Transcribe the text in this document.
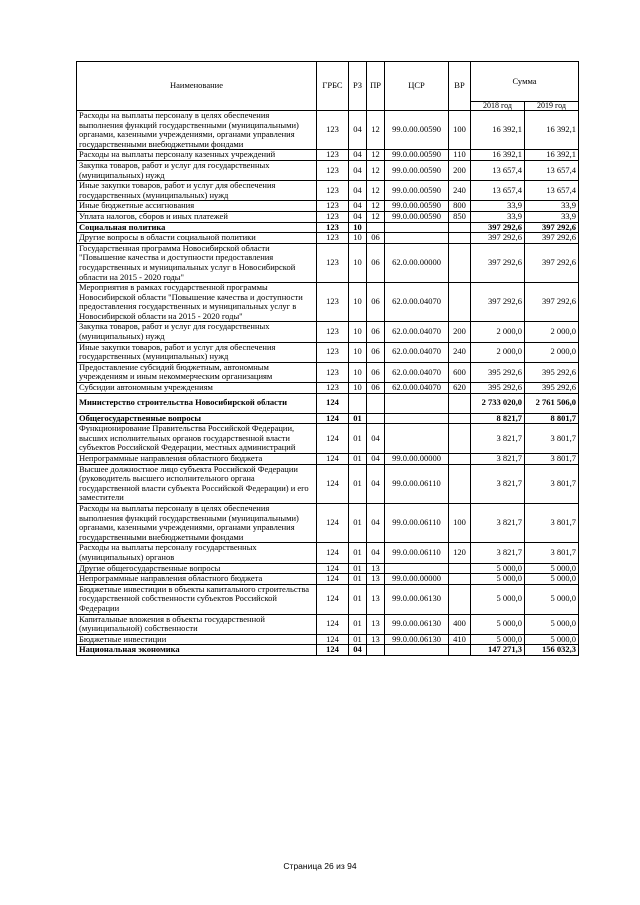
Наименование	ГРБС	РЗ	ПР	ЦСР	ВР	Сумма	
						2018 год	2019 год
Расходы на выплаты персоналу в целях обеспечения выполнения функций государственными (муниципальными) органами, казенными учреждениями, органами управления государственными внебюджетными фондами	123	04	12	99.0.00.00590	100	16 392,1	16 392,1
Расходы на выплаты персоналу казенных учреждений	123	04	12	99.0.00.00590	110	16 392,1	16 392,1
Закупка товаров, работ и услуг для государственных (муниципальных) нужд	123	04	12	99.0.00.00590	200	13 657,4	13 657,4
Иные закупки товаров, работ и услуг для обеспечения государственных (муниципальных) нужд	123	04	12	99.0.00.00590	240	13 657,4	13 657,4
Иные бюджетные ассигнования	123	04	12	99.0.00.00590	800	33,9	33,9
Уплата налогов, сборов и иных платежей	123	04	12	99.0.00.00590	850	33,9	33,9
Социальная политика	123	10				397 292,6	397 292,6
Другие вопросы в области социальной политики	123	10	06			397 292,6	397 292,6
Государственная программа Новосибирской области "Повышение качества и доступности предоставления государственных и муниципальных услуг в Новосибирской области на 2015 - 2020 годы"	123	10	06	62.0.00.00000		397 292,6	397 292,6
Мероприятия в рамках государственной программы Новосибирской области "Повышение качества и доступности предоставления государственных и муниципальных услуг в Новосибирской области на 2015 - 2020 годы"	123	10	06	62.0.00.04070		397 292,6	397 292,6
Закупка товаров, работ и услуг для государственных (муниципальных) нужд	123	10	06	62.0.00.04070	200	2 000,0	2 000,0
Иные закупки товаров, работ и услуг для обеспечения государственных (муниципальных) нужд	123	10	06	62.0.00.04070	240	2 000,0	2 000,0
Предоставление субсидий бюджетным, автономным учреждениям и иным некоммерческим организациям	123	10	06	62.0.00.04070	600	395 292,6	395 292,6
Субсидии автономным учреждениям	123	10	06	62.0.00.04070	620	395 292,6	395 292,6
Министерство строительства Новосибирской области	124					2 733 020,0	2 761 506,0
Общегосударственные вопросы	124	01				8 821,7	8 801,7
Функционирование Правительства Российской Федерации, высших исполнительных органов государственной власти субъектов Российской Федерации, местных администраций	124	01	04			3 821,7	3 801,7
Непрограммные направления областного бюджета	124	01	04	99.0.00.00000		3 821,7	3 801,7
Высшее должностное лицо субъекта Российской Федерации (руководитель высшего исполнительного органа государственной власти субъекта Российской Федерации) и его заместители	124	01	04	99.0.00.06110		3 821,7	3 801,7
Расходы на выплаты персоналу в целях обеспечения выполнения функций государственными (муниципальными) органами, казенными учреждениями, органами управления государственными внебюджетными фондами	124	01	04	99.0.00.06110	100	3 821,7	3 801,7
Расходы на выплаты персоналу государственных (муниципальных) органов	124	01	04	99.0.00.06110	120	3 821,7	3 801,7
Другие общегосударственные вопросы	124	01	13			5 000,0	5 000,0
Непрограммные направления областного бюджета	124	01	13	99.0.00.00000		5 000,0	5 000,0
Бюджетные инвестиции в объекты капитального строительства государственной собственности субъектов Российской Федерации	124	01	13	99.0.00.06130		5 000,0	5 000,0
Капитальные вложения в объекты государственной (муниципальной) собственности	124	01	13	99.0.00.06130	400	5 000,0	5 000,0
Бюджетные инвестиции	124	01	13	99.0.00.06130	410	5 000,0	5 000,0
Национальная экономика	124	04				147 271,3	156 032,3
Страница 26 из 94
